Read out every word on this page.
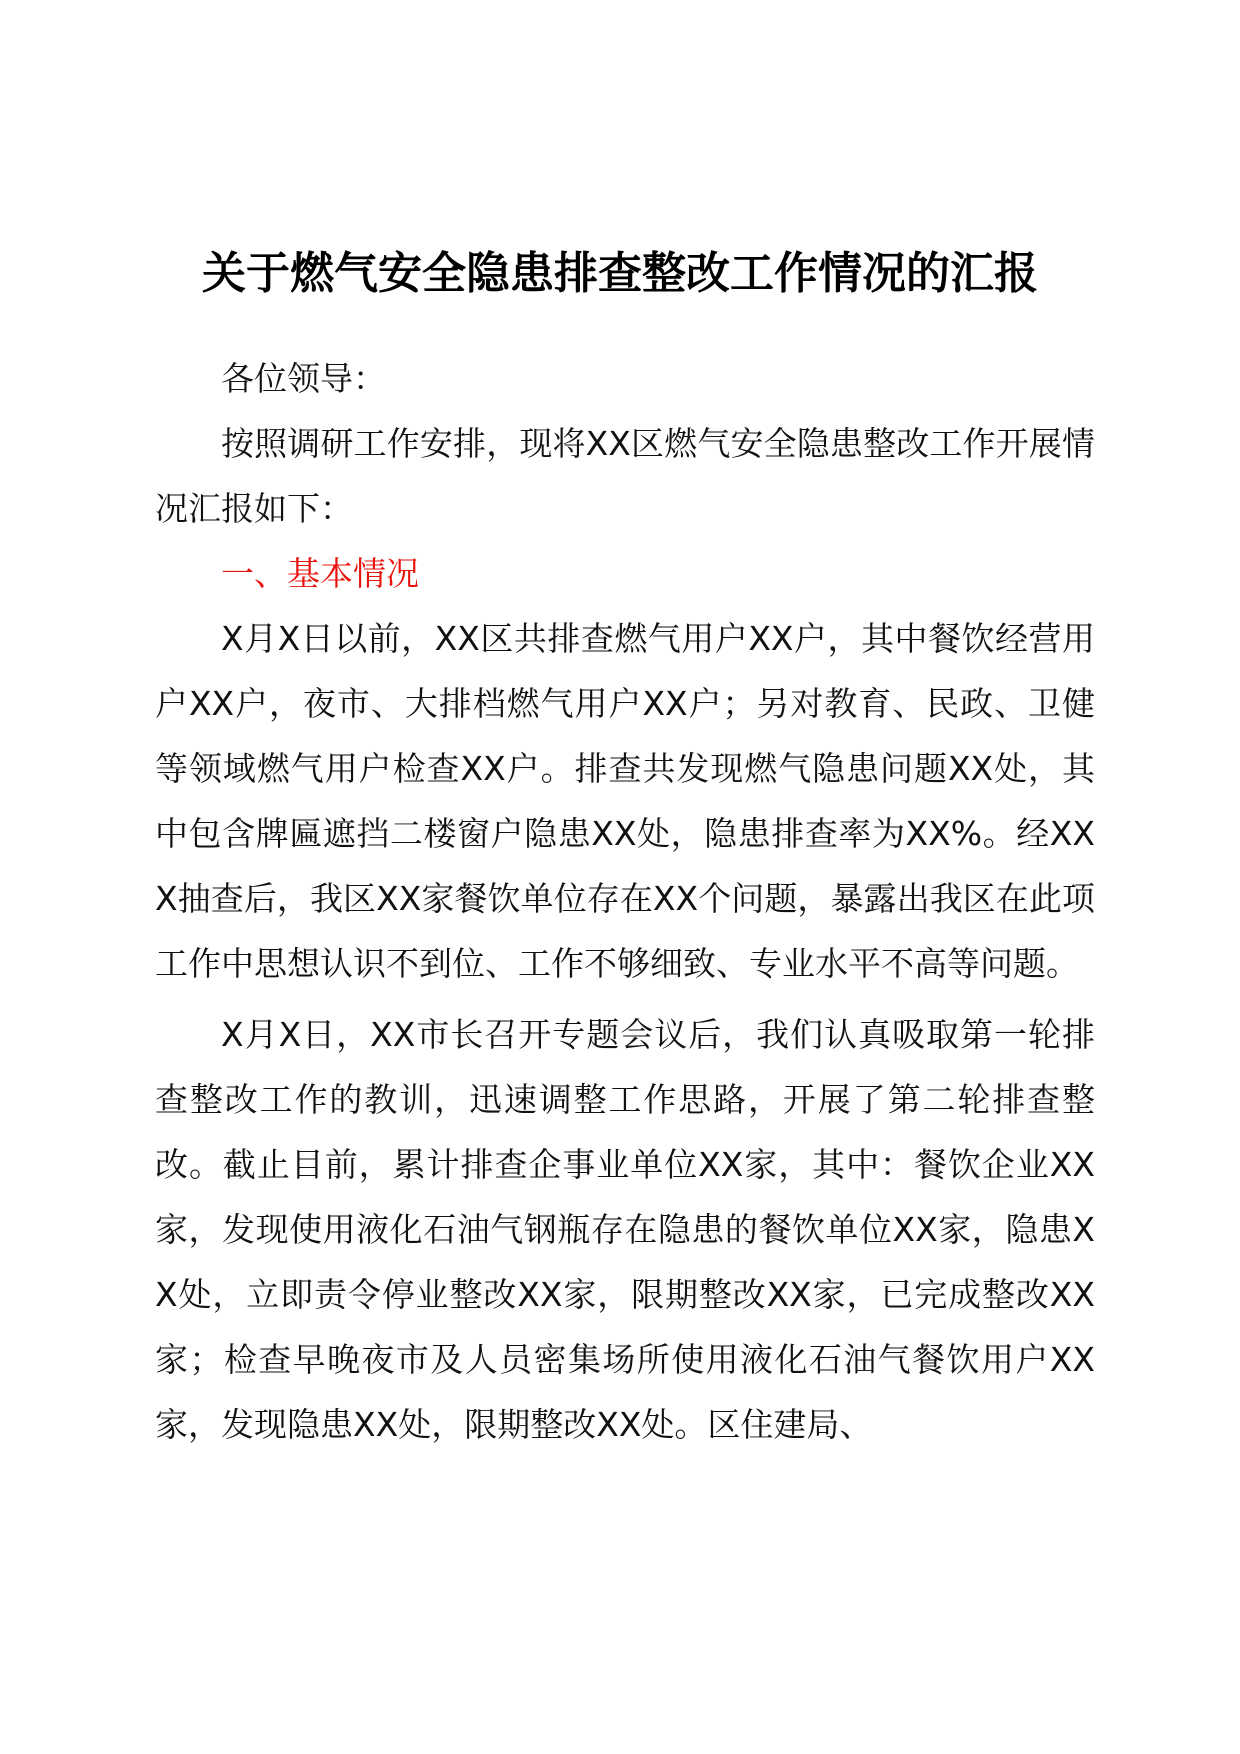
关于燃气安全隐患排查整改工作情况的汇报

各位领导：

按照调研工作安排，现将XX区燃气安全隐患整改工作开展情况汇报如下：

一、基本情况

X月X日以前，XX区共排查燃气用户XX户，其中餐饮经营用户XX户，夜市、大排档燃气用户XX户；另对教育、民政、卫健等领域燃气用户检查XX户。排查共发现燃气隐患问题XX处，其中包含牌匾遮挡二楼窗户隐患XX处，隐患排查率为XX%。经XXX抽查后，我区XX家餐饮单位存在XX个问题，暴露出我区在此项工作中思想认识不到位、工作不够细致、专业水平不高等问题。

X月X日，XX市长召开专题会议后，我们认真吸取第一轮排查整改工作的教训，迅速调整工作思路，开展了第二轮排查整改。截止目前，累计排查企事业单位XX家，其中：餐饮企业XX家，发现使用液化石油气钢瓶存在隐患的餐饮单位XX家，隐患XX处，立即责令停业整改XX家，限期整改XX家，已完成整改XX家；检查早晚夜市及人员密集场所使用液化石油气餐饮用户XX家，发现隐患XX处，限期整改XX处。区住建局、
